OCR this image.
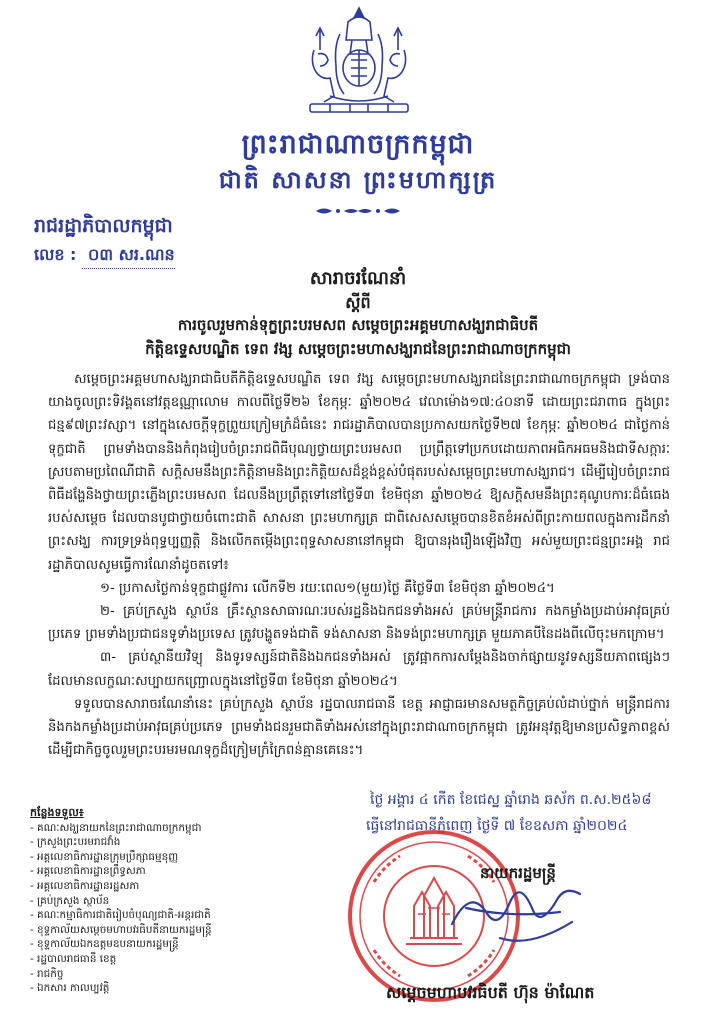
ព្រះរាជាណាចក្រកម្ពុជា
ជាតិ សាសនា ព្រះមហាក្សត្រ
រាជរដ្ឋាភិបាលកម្ពុជា
លេខ : ០៣ សរ.ណន
សារាចរណែនាំ
ស្តីពី
ការចូលរួមកាន់ទុក្ខព្រះបរមសព សម្តេចព្រះអគ្គមហាសង្ឃរាជាធិបតី
កិត្តិឧទ្ទេសបណ្ឌិត ទេព វង្ស សម្តេចព្រះមហាសង្ឃរាជនៃព្រះរាជាណាចក្រកម្ពុជា

សម្តេចព្រះអគ្គមហាសង្ឃរាជាធិបតីកិត្តិឧទ្ទេសបណ្ឌិត ទេព វង្ស សម្តេចព្រះមហាសង្ឃរាជនៃព្រះរាជាណាចក្រកម្ពុជា ទ្រង់បានយាងចូលព្រះទិវង្គតនៅវត្តឧណ្ណាលោម កាលពីថ្ងៃទី២៦ ខែកុម្ភៈ ឆ្នាំ២០២៤ វេលាម៉ោង១៧:៤០នាទី ដោយព្រះជរាពាធ ក្នុងព្រះជន្ម៩៧ព្រះវស្សា។ នៅក្នុងសេចក្តីទុក្ខព្រួយក្រៀមក្រំដ៏ធំនេះ រាជរដ្ឋាភិបាលបានប្រកាសយកថ្ងៃទី២៧ ខែកុម្ភៈ ឆ្នាំ២០២៤ ជាថ្ងៃកាន់ទុក្ខជាតិ ព្រមទាំងបាននិងកំពុងរៀបចំព្រះរាជពិធីបុណ្យថ្វាយព្រះបរមសព ប្រព្រឹត្តទៅប្រកបដោយភាពអធិកអធមនិងជាទីសក្ការៈ ស្របតាមប្រពៃណីជាតិ សក្តិសមនឹងព្រះកិត្តិនាមនិងព្រះកិត្តិយសដ៏ខ្ពង់ខ្ពស់បំផុតរបស់សម្តេចព្រះមហាសង្ឃរាជ។ ដើម្បីរៀបចំព្រះរាជពិធីដង្ហែនិងថ្វាយព្រះភ្លើងព្រះបរមសព ដែលនឹងប្រព្រឹត្តទៅនៅថ្ងៃទី៣ ខែមិថុនា ឆ្នាំ២០២៤ ឱ្យសក្តិសមនឹងព្រះគុណូបការៈដ៏ធំធេងរបស់សម្តេច ដែលបានបូជាថ្វាយចំពោះជាតិ សាសនា ព្រះមហាក្សត្រ ជាពិសេសសម្តេចបានខិតខំអស់ពីព្រះកាយពលក្នុងការដឹកនាំព្រះសង្ឃ ការទ្រទ្រង់ពុទ្ធប្បញ្ញត្តិ និងលើកតម្កើងព្រះពុទ្ធសាសនានៅកម្ពុជា ឱ្យបានរុងរឿងឡើងវិញ អស់មួយព្រះជន្មព្រះអង្គ រាជរដ្ឋាភិបាលសូមធ្វើការណែនាំដូចតទៅ៖

១- ប្រកាសថ្ងៃកាន់ទុក្ខជាផ្លូវការ លើកទី២ រយៈពេល១(មួយ)ថ្ងៃ គឺថ្ងៃទី៣ ខែមិថុនា ឆ្នាំ២០២៤។

២- គ្រប់ក្រសួង ស្ថាប័ន គ្រឹះស្ថានសាធារណៈរបស់រដ្ឋនិងឯកជនទាំងអស់ គ្រប់មន្ត្រីរាជការ កងកម្លាំងប្រដាប់អាវុធគ្រប់ប្រភេទ ព្រមទាំងប្រជាជនទូទាំងប្រទេស ត្រូវបង្ហូតទង់ជាតិ ទង់សាសនា និងទង់ព្រះមហាក្សត្រ មួយភាគបីនៃដងពីលើចុះមកក្រោម។

៣- គ្រប់ស្ថានីយវិទ្យុ និងទូរទស្សន៍ជាតិនិងឯកជនទាំងអស់ ត្រូវផ្អាកការសម្តែងនិងចាក់ផ្សាយនូវទស្សនីយភាពផ្សេងៗដែលមានលក្ខណៈសប្បាយកញ្ជ្រោលក្នុងនៅថ្ងៃទី៣ ខែមិថុនា ឆ្នាំ២០២៤។

ទទួលបានសារាចរណែនាំនេះ គ្រប់ក្រសួង ស្ថាប័ន រដ្ឋបាលរាជធានី ខេត្ត អាជ្ញាធរមានសមត្ថកិច្ចគ្រប់លំដាប់ថ្នាក់ មន្ត្រីរាជការ និងកងកម្លាំងប្រដាប់អាវុធគ្រប់ប្រភេទ ព្រមទាំងជនរួមជាតិទាំងអស់នៅក្នុងព្រះរាជាណាចក្រកម្ពុជា ត្រូវអនុវត្តឱ្យមានប្រសិទ្ធភាពខ្ពស់ ដើម្បីជាកិច្ចចូលរួមព្រះបរមរមណទុក្ខដ៏ក្រៀមក្រំក្រៃពន់គ្មានគេនេះ។

ថ្ងៃ អង្គារ ៤ កើត ខែជេស្ឋ ឆ្នាំរោង ឆស័ក ព.ស.២៥៦៨
ធ្វើនៅរាជធានីភ្នំពេញ ថ្ងៃទី ៧ ខែឧសភា ឆ្នាំ២០២៤
នាយករដ្ឋមន្ត្រី
សម្តេចមហាបវរធិបតី ហ៊ុន ម៉ាណែត
កន្លែងទទួល៖
- គណៈសង្ឃនាយកនៃព្រះរាជាណាចក្រកម្ពុជា
- ក្រសួងព្រះបរមរាជវាំង
- អគ្គលេខាធិការដ្ឋានក្រុមប្រឹក្សាធម្មនុញ្ញ
- អគ្គលេខាធិការដ្ឋានព្រឹទ្ធសភា
- អគ្គលេខាធិការដ្ឋានរដ្ឋសភា
- គ្រប់ក្រសួង ស្ថាប័ន
- គណៈកម្មាធិការជាតិរៀបចំបុណ្យជាតិ-អន្តរជាតិ
- ខុទ្ទកាល័យសម្តេចមហាបវរធិបតីនាយករដ្ឋមន្ត្រី
- ខុទ្ទកាល័យឯកឧត្តមឧបនាយករដ្ឋមន្ត្រី
- រដ្ឋបាលរាជធានី ខេត្ត
- រាជកិច្ច
- ឯកសារ កាលប្បវត្តិ
